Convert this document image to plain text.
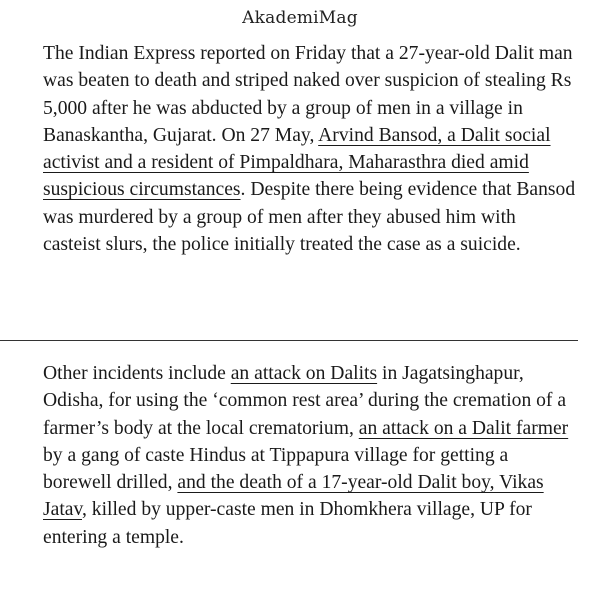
AkademiMag

The Indian Express reported on Friday that a 27-year-old Dalit man was beaten to death and striped naked over suspicion of stealing Rs 5,000 after he was abducted by a group of men in a village in Banaskantha, Gujarat. On 27 May, Arvind Bansod, a Dalit social activist and a resident of Pimpaldhara, Maharasthra died amid suspicious circumstances. Despite there being evidence that Bansod was murdered by a group of men after they abused him with casteist slurs, the police initially treated the case as a suicide.

Other incidents include an attack on Dalits in Jagatsinghapur, Odisha, for using the ‘common rest area’ during the cremation of a farmer’s body at the local crematorium, an attack on a Dalit farmer by a gang of caste Hindus at Tippapura village for getting a borewell drilled, and the death of a 17-year-old Dalit boy, Vikas Jatav, killed by upper-caste men in Dhomkhera village, UP for entering a temple.
